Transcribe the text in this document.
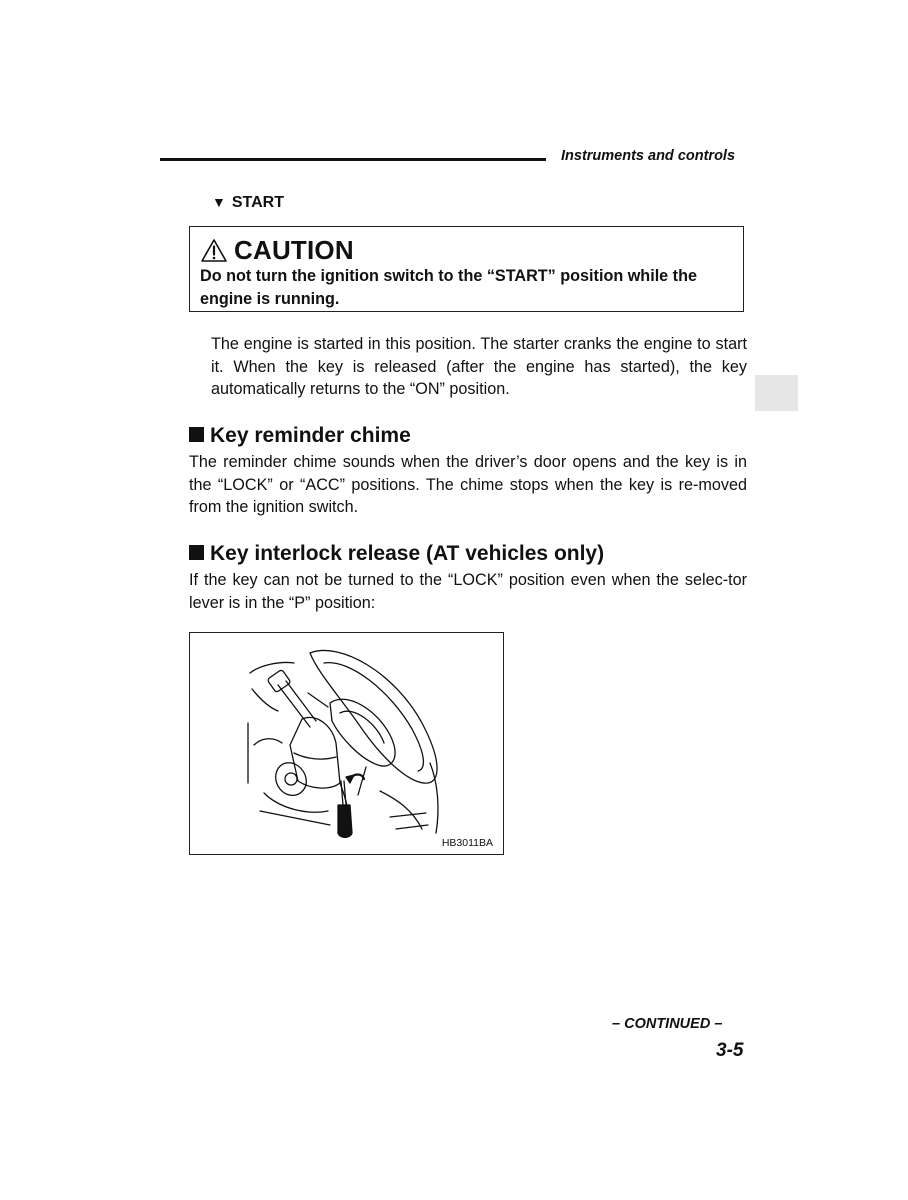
Instruments and controls
▼ START
CAUTION
Do not turn the ignition switch to the “START” position while the engine is running.
The engine is started in this position. The starter cranks the engine to start it. When the key is released (after the engine has started), the key automatically returns to the “ON” position.
Key reminder chime
The reminder chime sounds when the driver’s door opens and the key is in the “LOCK” or “ACC” positions. The chime stops when the key is re-moved from the ignition switch.
Key interlock release (AT vehicles only)
If the key can not be turned to the “LOCK” position even when the selec-tor lever is in the “P” position:
HB3011BA
– CONTINUED –
3-5
